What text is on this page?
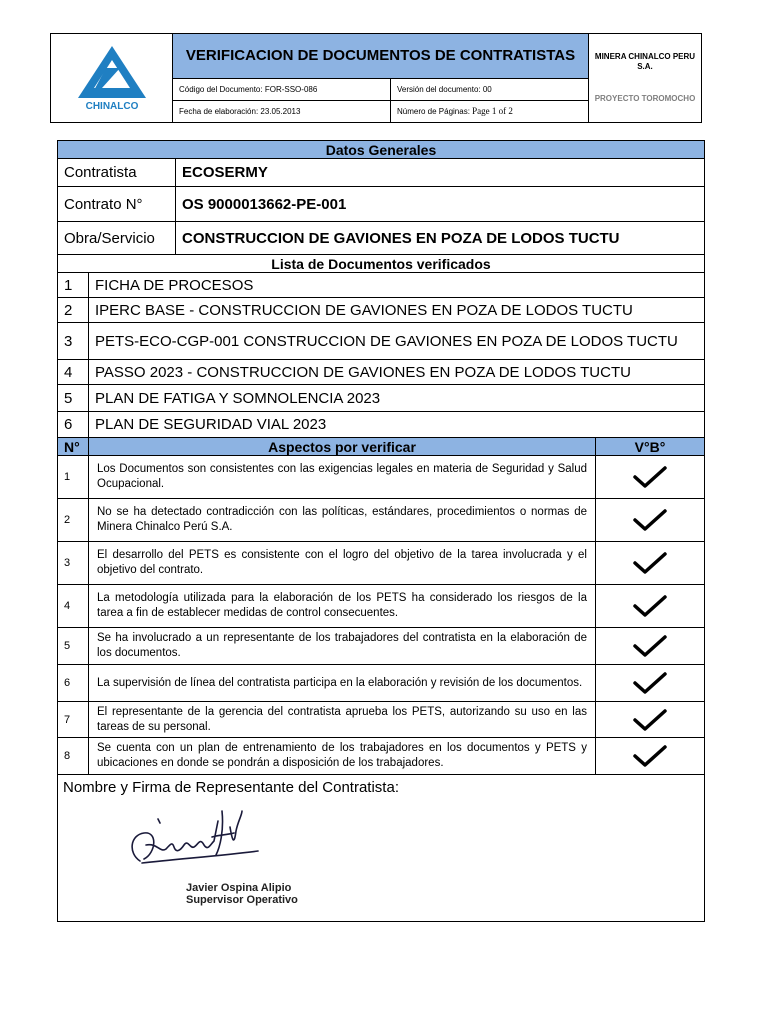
CHINALCO	VERIFICACION DE DOCUMENTOS DE CONTRATISTAS		MINERA CHINALCO PERU S.A.
PROYECTO TOROMOCHO

	Código del Documento: FOR-SSO-086	Versión del documento: 00	
	Fecha de elaboración: 23.05.2013	Número de Páginas: Page 1 of 2	
Datos Generales			
Contratista		ECOSERMY	
Contrato N°		OS 9000013662-PE-001	
Obra/Servicio		CONSTRUCCION DE GAVIONES EN POZA DE LODOS TUCTU	
Lista de Documentos verificados			
1	FICHA DE PROCESOS		
2	IPERC BASE - CONSTRUCCION DE GAVIONES EN POZA DE LODOS TUCTU		
3	PETS-ECO-CGP-001 CONSTRUCCION DE GAVIONES EN POZA DE LODOS TUCTU		
4	PASSO 2023 - CONSTRUCCION DE GAVIONES EN POZA DE LODOS TUCTU		
5	PLAN DE FATIGA Y SOMNOLENCIA 2023		
6	PLAN DE SEGURIDAD VIAL 2023		
N°	Aspectos por verificar		V°B°
1	Los Documentos son consistentes con las exigencias legales en materia de Seguridad y Salud Ocupacional.	

2	No se ha detectado contradicción con las políticas, estándares, procedimientos o normas de Minera Chinalco Perú S.A.	

3	El desarrollo del PETS es consistente con el logro del objetivo de la tarea involucrada y el objetivo del contrato.	

4	La metodología utilizada para la elaboración de los PETS ha considerado los riesgos de la tarea a fin de establecer medidas de control consecuentes.	

5	Se ha involucrado a un representante de los trabajadores del contratista en la elaboración de los documentos.	

6	La supervisión de línea del contratista participa en la elaboración y revisión de los documentos.	

7	El representante de la gerencia del contratista aprueba los PETS, autorizando su uso en las tareas de su personal.	

8	Se cuenta con un plan de entrenamiento de los trabajadores en los documentos y PETS y ubicaciones en donde se pondrán a disposición de los trabajadores.	

Nombre y Firma de Representante del Contratista:
Javier Ospina Alipio
Supervisor Operativo			
